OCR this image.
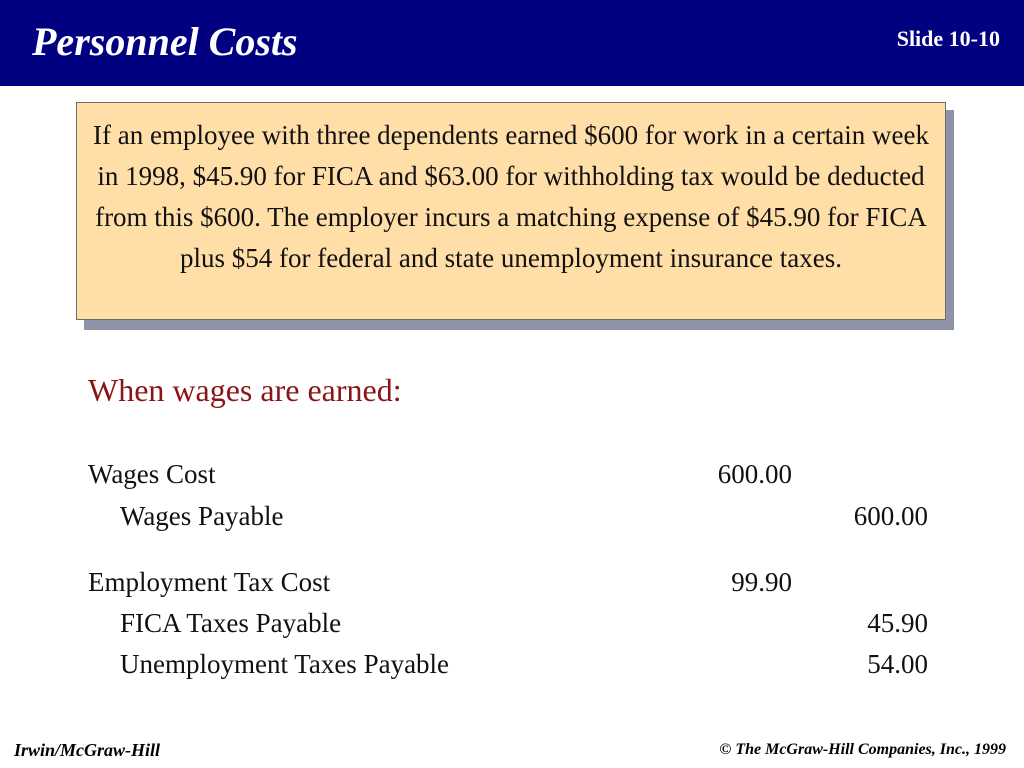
Personnel Costs	Slide 10-10
If an employee with three dependents earned $600 for work in a certain week in 1998, $45.90 for FICA and $63.00 for withholding tax would be deducted from this $600. The employer incurs a matching expense of $45.90 for FICA plus $54 for federal and state unemployment insurance taxes.
When wages are earned:
Wages Cost	600.00
Wages Payable	600.00
Employment Tax Cost	99.90
FICA Taxes Payable	45.90
Unemployment Taxes Payable	54.00
Irwin/McGraw-Hill	© The McGraw-Hill Companies, Inc., 1999
